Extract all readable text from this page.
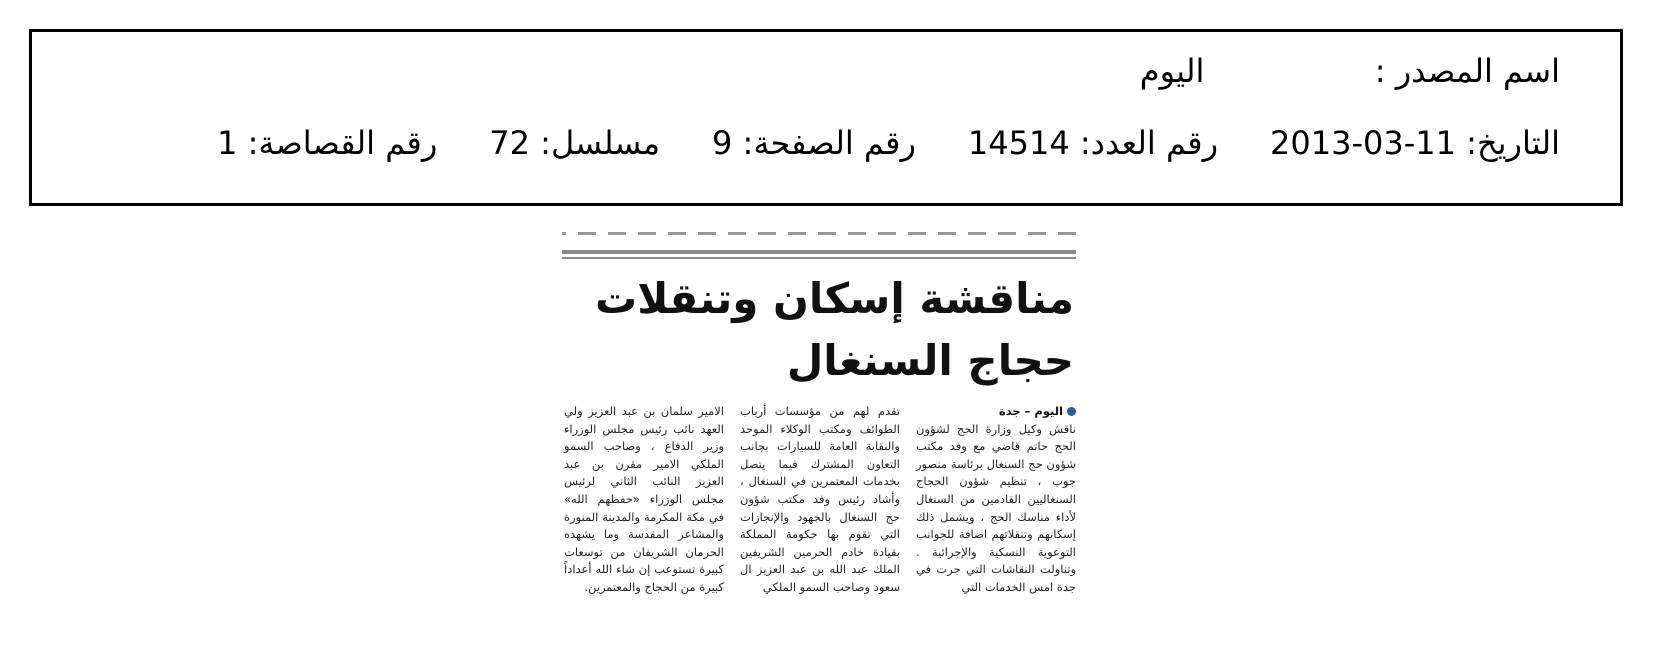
اسم المصدر :  اليوم
التاريخ: 2013-03-11رقم العدد: 14514رقم الصفحة: 9مسلسل: 72رقم القصاصة: 1
مناقشة إسكان وتنقلات
حجاج السنغال
اليوم – جدة
ناقش وكيل وزارة الحج لشؤون الحج حاتم قاضي مع وفد مكتب شؤون حج السنغال برئاسة منصور جوب ، تنظيم شؤون الحجاج السنغاليين القادمين من السنغال لأداء مناسك الحج ، ويشمل ذلك إسكانهم وتنقلاتهم اضافة للجوانب التوعوية النسكية والإجرائية . وتناولت النقاشات التي جرت في جدة امس الخدمات التي
تقدم لهم من مؤسسات أرباب الطوائف ومكتب الوكلاء الموحد والنقابة العامة للسيارات بجانب التعاون المشترك فيما يتصل بخدمات المعتمرين في السنغال ، وأشاد رئيس وفد مكتب شؤون حج السنغال بالجهود والإنجازات التي تقوم بها حكومة المملكة بقيادة خادم الحرمين الشريفين الملك عبد الله بن عبد العزيز ال سعود وصاحب السمو الملكي
الامير سلمان بن عبد العزيز ولي العهد نائب رئيس مجلس الوزراء وزير الدفاع ، وصاحب السمو الملكي الامير مقرن بن عبد العزيز النائب الثاني لرئيس مجلس الوزراء «حفظهم الله» في مكة المكرمة والمدينة المنورة والمشاعر المقدسة وما يشهده الحرمان الشريفان من توسعات كبيرة تستوعب إن شاء الله أعداداً كبيرة من الحجاج والمعتمرين.
